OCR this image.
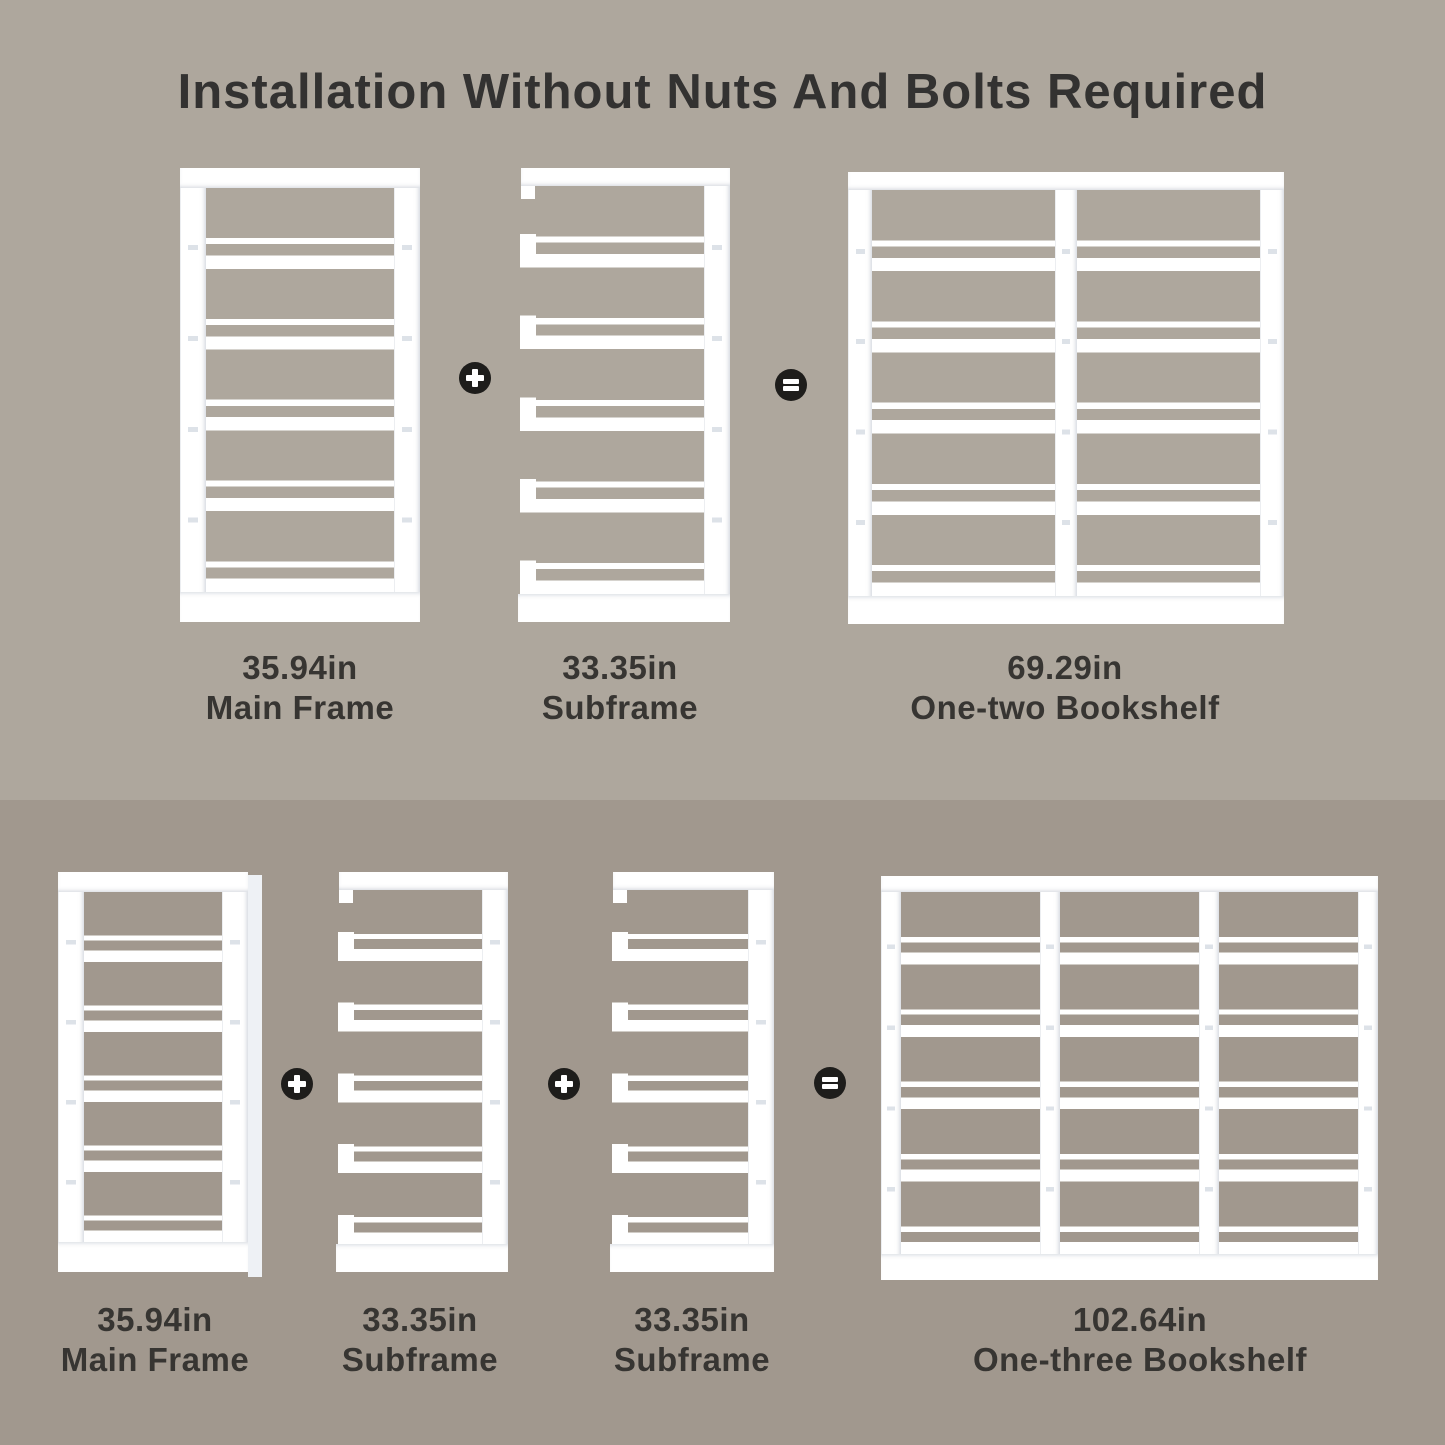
Installation Without Nuts And Bolts Required
35.94in
Main Frame
33.35in
Subframe
69.29in
One-two Bookshelf
35.94in
Main Frame
33.35in
Subframe
33.35in
Subframe
102.64in
One-three Bookshelf
